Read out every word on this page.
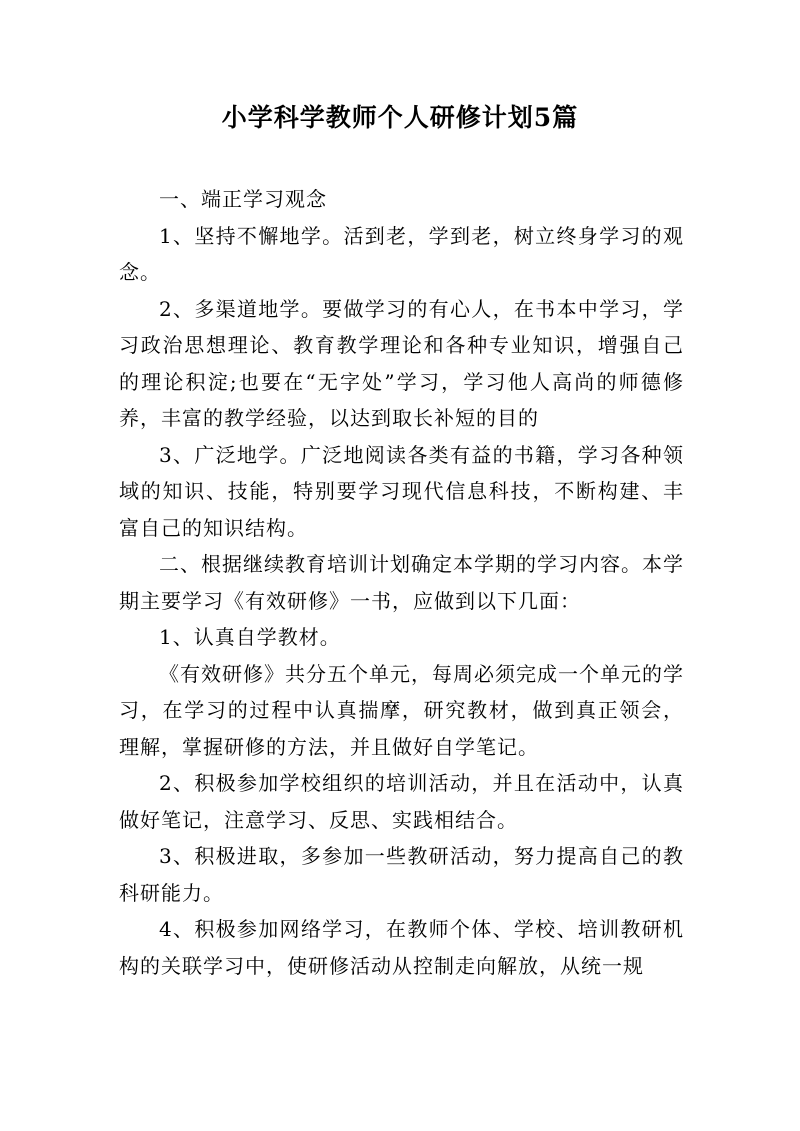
小学科学教师个人研修计划5篇

一、端正学习观念

1、坚持不懈地学。活到老，学到老，树立终身学习的观念。

2、多渠道地学。要做学习的有心人，在书本中学习，学习政治思想理论、教育教学理论和各种专业知识，增强自己的理论积淀;也要在“无字处”学习，学习他人高尚的师德修养，丰富的教学经验，以达到取长补短的目的

3、广泛地学。广泛地阅读各类有益的书籍，学习各种领域的知识、技能，特别要学习现代信息科技，不断构建、丰富自己的知识结构。

二、根据继续教育培训计划确定本学期的学习内容。本学期主要学习《有效研修》一书，应做到以下几面：

1、认真自学教材。

《有效研修》共分五个单元，每周必须完成一个单元的学习，在学习的过程中认真揣摩，研究教材，做到真正领会，理解，掌握研修的方法，并且做好自学笔记。

2、积极参加学校组织的培训活动，并且在活动中，认真做好笔记，注意学习、反思、实践相结合。

3、积极进取，多参加一些教研活动，努力提高自己的教科研能力。

4、积极参加网络学习，在教师个体、学校、培训教研机构的关联学习中，使研修活动从控制走向解放，从统一规
